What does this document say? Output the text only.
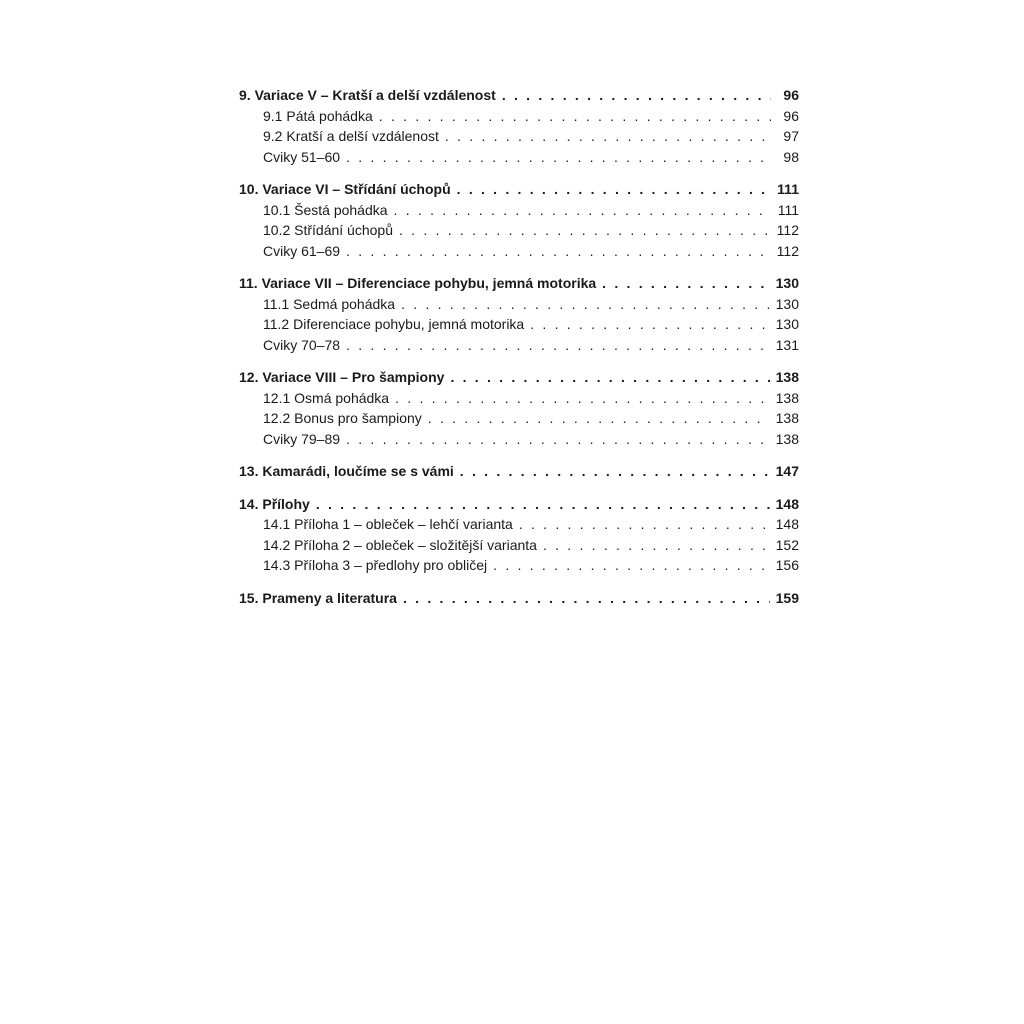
9. Variace V – Kratší a delší vzdálenost . . .	96
9.1 Pátá pohádka . . .	96
9.2 Kratší a delší vzdálenost . . .	97
Cviky 51–60 . . .	98
10. Variace VI – Střídání úchopů . . .	111
10.1 Šestá pohádka . . .	111
10.2 Střídání úchopů . . .	112
Cviky 61–69 . . .	112
11. Variace VII – Diferenciace pohybu, jemná motorika . . .	130
11.1 Sedmá pohádka . . .	130
11.2 Diferenciace pohybu, jemná motorika . . .	130
Cviky 70–78 . . .	131
12. Variace VIII – Pro šampiony . . .	138
12.1 Osmá pohádka . . .	138
12.2 Bonus pro šampiony . . .	138
Cviky 79–89 . . .	138
13. Kamarádi, loučíme se s vámi . . .	147
14. Přílohy . . .	148
14.1 Příloha 1 – obleček – lehčí varianta . . .	148
14.2 Příloha 2 – obleček – složitější varianta . . .	152
14.3 Příloha 3 – předlohy pro obličej . . .	156
15. Prameny a literatura . . .	159
